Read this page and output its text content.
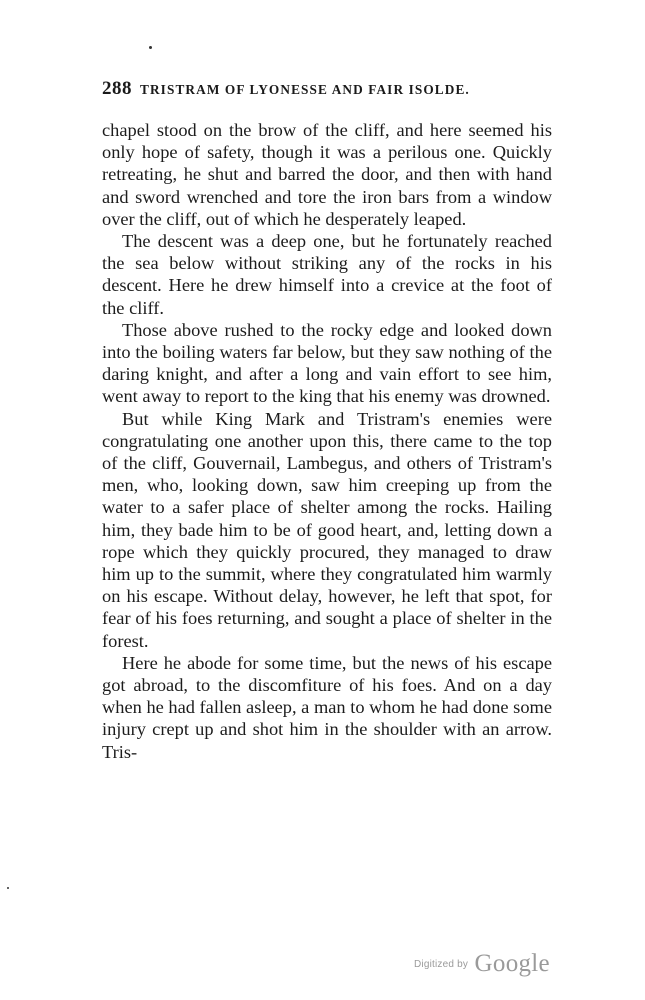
288 TRISTRAM OF LYONESSE AND FAIR ISOLDE.

chapel stood on the brow of the cliff, and here seemed his only hope of safety, though it was a perilous one. Quickly retreating, he shut and barred the door, and then with hand and sword wrenched and tore the iron bars from a window over the cliff, out of which he desperately leaped.

The descent was a deep one, but he fortunately reached the sea below without striking any of the rocks in his descent. Here he drew himself into a crevice at the foot of the cliff.

Those above rushed to the rocky edge and looked down into the boiling waters far below, but they saw nothing of the daring knight, and after a long and vain effort to see him, went away to report to the king that his enemy was drowned.

But while King Mark and Tristram's enemies were congratulating one another upon this, there came to the top of the cliff, Gouvernail, Lambegus, and others of Tristram's men, who, looking down, saw him creeping up from the water to a safer place of shelter among the rocks. Hailing him, they bade him to be of good heart, and, letting down a rope which they quickly procured, they managed to draw him up to the summit, where they congratulated him warmly on his escape. Without delay, however, he left that spot, for fear of his foes returning, and sought a place of shelter in the forest.

Here he abode for some time, but the news of his escape got abroad, to the discomfiture of his foes. And on a day when he had fallen asleep, a man to whom he had done some injury crept up and shot him in the shoulder with an arrow. Tris-

$^{Digitized by}$ Google
